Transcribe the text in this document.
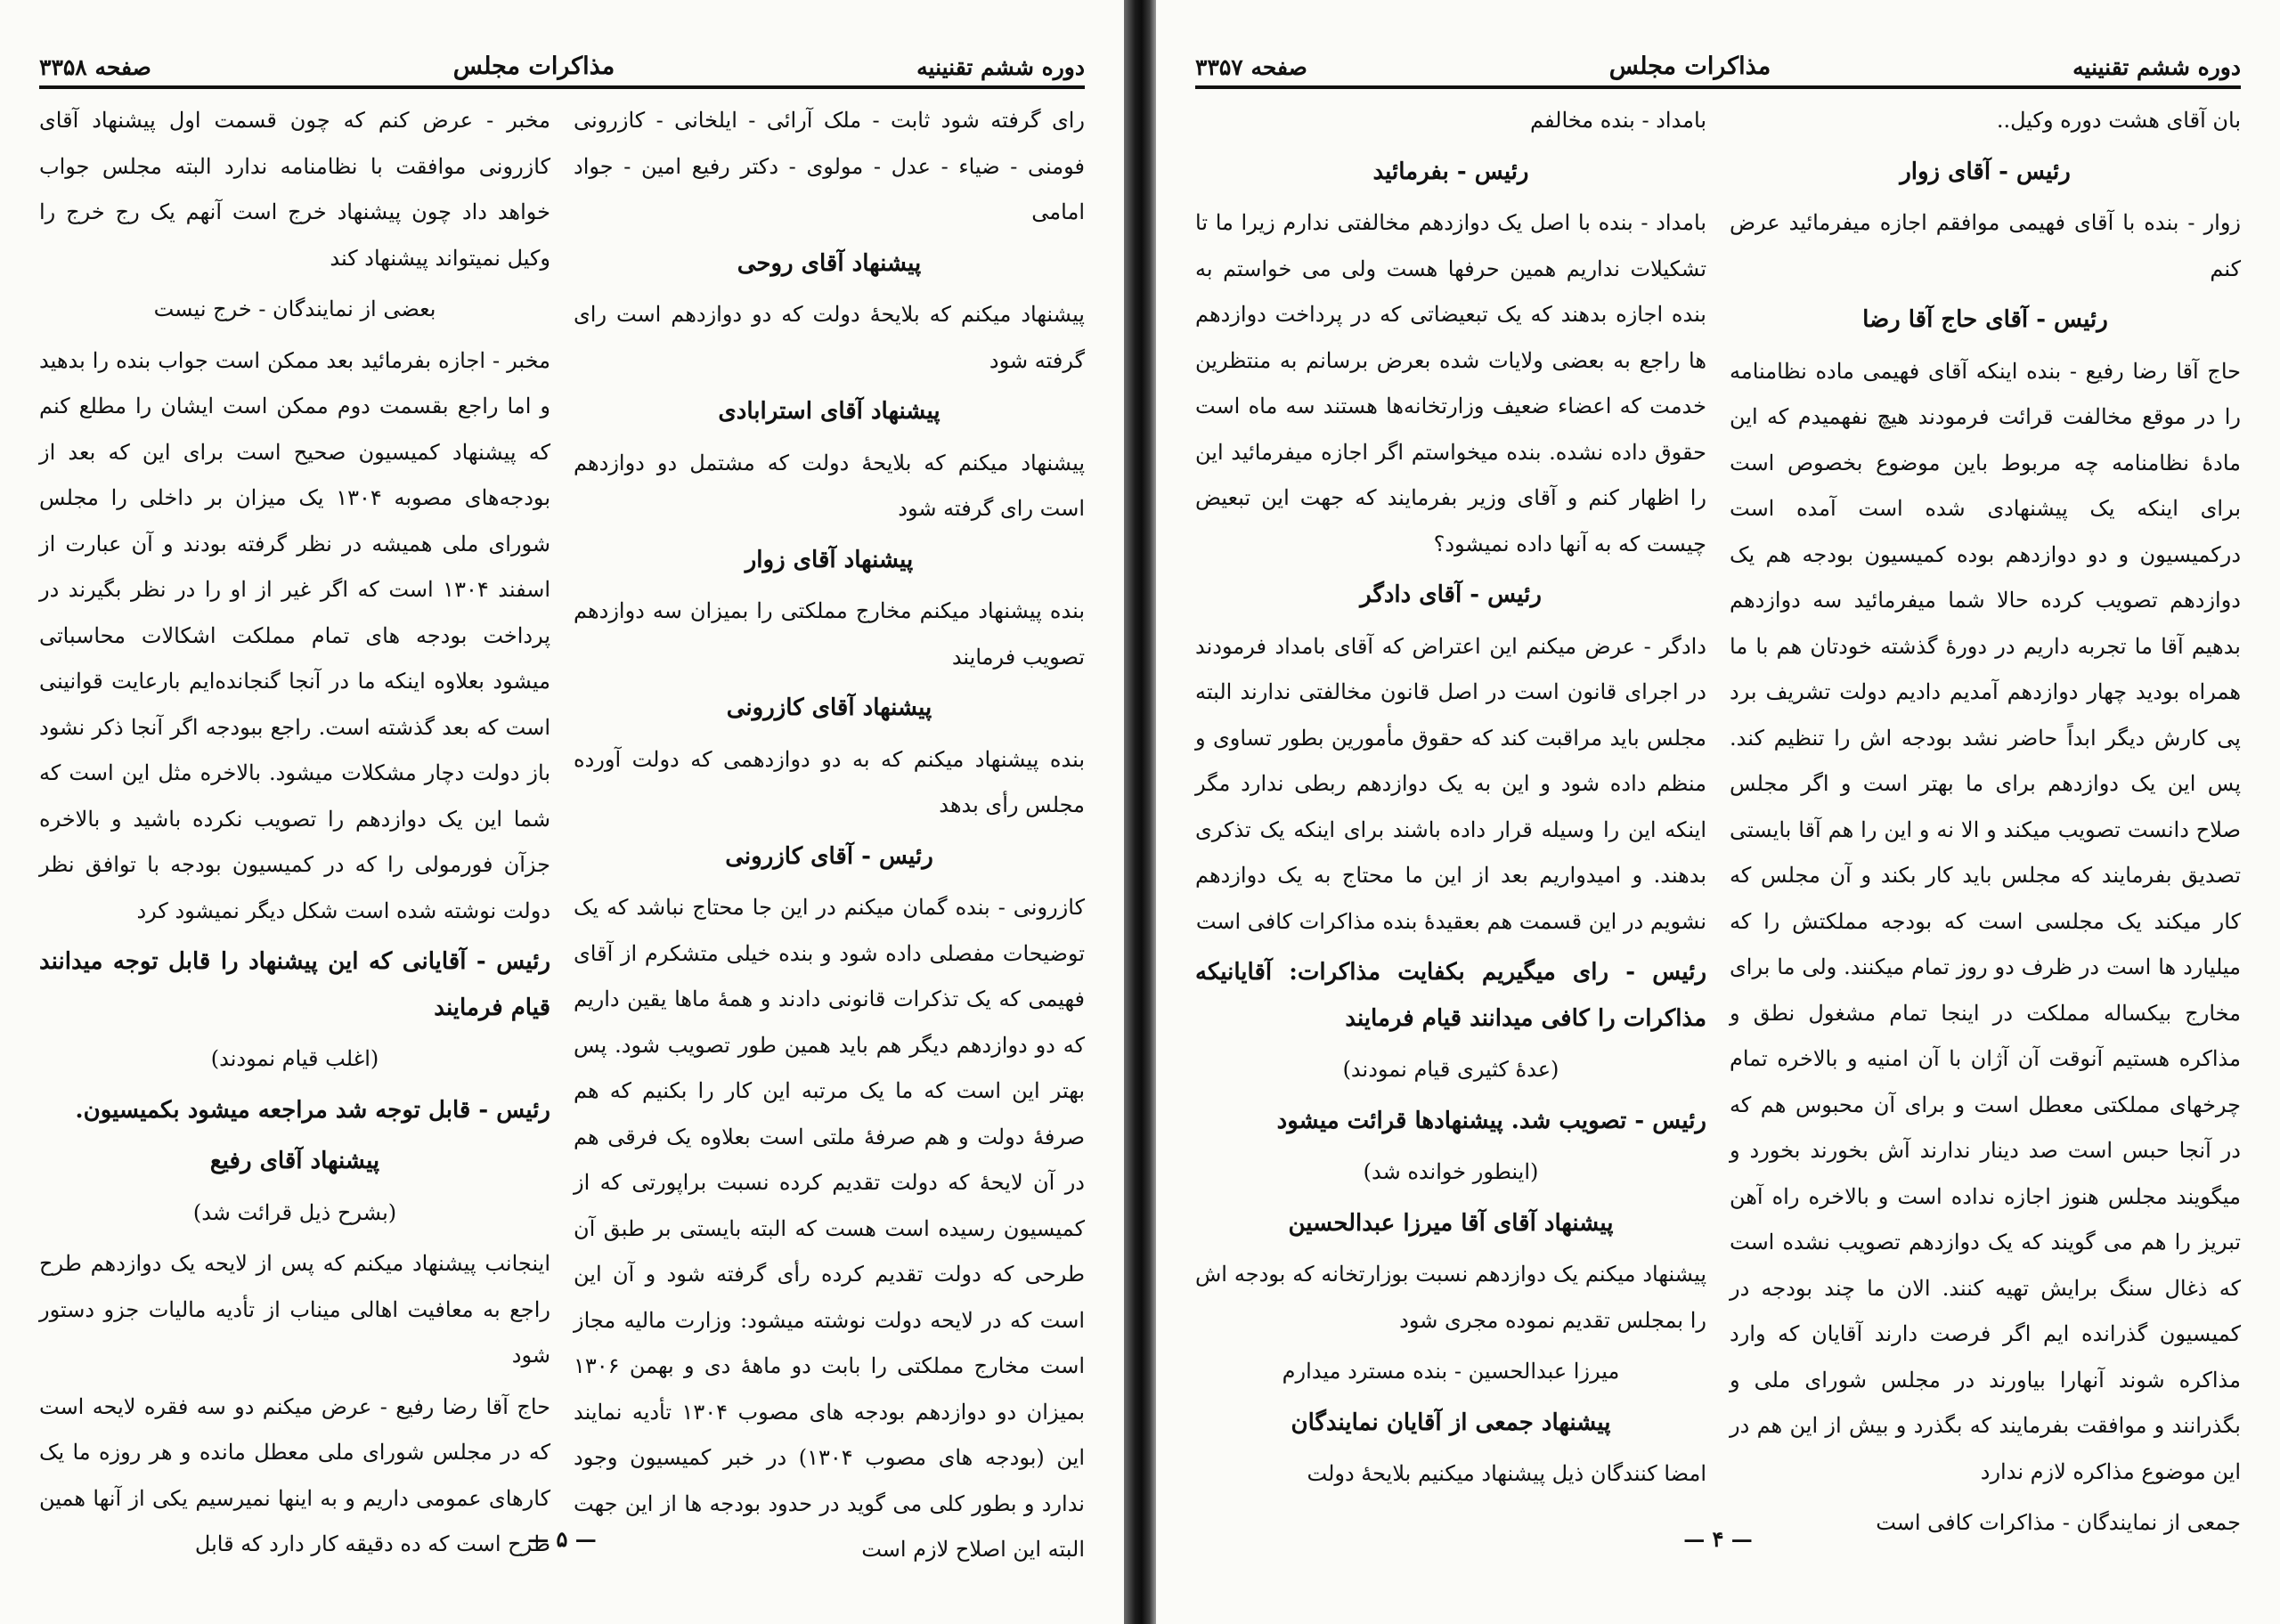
دوره ششم تقنینیه
مذاکرات مجلس
صفحه ۳۳۵۸

رای گرفته شود ثابت - ملک آرائی - ایلخانی - کازرونی فومنی - ضیاء - عدل - مولوی - دکتر رفیع امین - جواد امامی

پیشنهاد آقای روحی

پیشنهاد میکنم که بلایحهٔ دولت که دو دوازدهم است رای گرفته شود

پیشنهاد آقای استرابادی

پیشنهاد میکنم که بلایحهٔ دولت که مشتمل دو دوازدهم است رای گرفته شود

پیشنهاد آقای زوار

بنده پیشنهاد میکنم مخارج مملکتی را بمیزان سه دوازدهم تصویب فرمایند

پیشنهاد آقای کازرونی

بنده پیشنهاد میکنم که به دو دوازدهمی که دولت آورده مجلس رأی بدهد

رئیس - آقای کازرونی

کازرونی - بنده گمان میکنم در این جا محتاج نباشد که یک توضیحات مفصلی داده شود و بنده خیلی متشکرم از آقای فهیمی که یک تذکرات قانونی دادند و همهٔ ماها یقین داریم که دو دوازدهم دیگر هم باید همین طور تصویب شود. پس بهتر این است که ما یک مرتبه این کار را بکنیم که هم صرفهٔ دولت و هم صرفهٔ ملتی است بعلاوه یک فرقی هم در آن لایحهٔ که دولت تقدیم کرده نسبت براپورتی که از کمیسیون رسیده است هست که البته بایستی بر طبق آن طرحی که دولت تقدیم کرده رأی گرفته شود و آن این است که در لایحه دولت نوشته میشود: وزارت مالیه مجاز است مخارج مملکتی را بابت دو ماههٔ دی و بهمن ۱۳۰۶ بمیزان دو دوازدهم بودجه های مصوب ۱۳۰۴ تأدیه نمایند این (بودجه های مصوب ۱۳۰۴) در خبر کمیسیون وجود ندارد و بطور کلی می گوید در حدود بودجه ها از این جهت البته این اصلاح لازم است

مخبر - عرض کنم که چون قسمت اول پیشنهاد آقای کازرونی موافقت با نظامنامه ندارد البته مجلس جواب خواهد داد چون پیشنهاد خرج است آنهم یک رج خرج را وکیل نمیتواند پیشنهاد کند

بعضی از نمایندگان - خرج نیست

مخبر - اجازه بفرمائید بعد ممکن است جواب بنده را بدهید و اما راجع بقسمت دوم ممکن است ایشان را مطلع کنم که پیشنهاد کمیسیون صحیح است برای این که بعد از بودجه‌های مصوبه ۱۳۰۴ یک میزان بر داخلی را مجلس شورای ملی همیشه در نظر گرفته بودند و آن عبارت از اسفند ۱۳۰۴ است که اگر غیر از او را در نظر بگیرند در پرداخت بودجه های تمام مملکت اشکالات محاسباتی میشود بعلاوه اینکه ما در آنجا گنجانده‌ایم بارعایت قوانینی است که بعد گذشته است. راجع ببودجه اگر آنجا ذکر نشود باز دولت دچار مشکلات میشود. بالاخره مثل این است که شما این یک دوازدهم را تصویب نکرده باشید و بالاخره جزآن فورمولی را که در کمیسیون بودجه با توافق نظر دولت نوشته شده است شکل دیگر نمیشود کرد

رئیس - آقایانی که این پیشنهاد را قابل توجه میدانند قیام فرمایند

(اغلب قیام نمودند)

رئیس - قابل توجه شد مراجعه میشود بکمیسیون.

پیشنهاد آقای رفیع

(بشرح ذیل قرائت شد)

اینجانب پیشنهاد میکنم که پس از لایحه یک دوازدهم طرح راجع به معافیت اهالی میناب از تأدیه مالیات جزو دستور شود

حاج آقا رضا رفیع - عرض میکنم دو سه فقره لایحه است که در مجلس شورای ملی معطل مانده و هر روزه ما یک کارهای عمومی داریم و به اینها نمیرسیم یکی از آنها همین طرح است که ده دقیقه کار دارد که قابل

— ۵ —
دوره ششم تقنینیه
مذاکرات مجلس
صفحه ۳۳۵۷

بان آقای هشت دوره وکیل..

رئیس - آقای زوار

زوار - بنده با آقای فهیمی موافقم اجازه میفرمائید عرض کنم

رئیس - آقای حاج آقا رضا

حاج آقا رضا رفیع - بنده اینکه آقای فهیمی ماده نظامنامه را در موقع مخالفت قرائت فرمودند هیچ نفهمیدم که این مادهٔ نظامنامه چه مربوط باین موضوع بخصوص است برای اینکه یک پیشنهادی شده است آمده است درکمیسیون و دو دوازدهم بوده کمیسیون بودجه هم یک دوازدهم تصویب کرده حالا شما میفرمائید سه دوازدهم بدهیم آقا ما تجربه داریم در دورهٔ گذشته خودتان هم با ما همراه بودید چهار دوازدهم آمدیم دادیم دولت تشریف برد پی کارش دیگر ابداً حاضر نشد بودجه اش را تنظیم کند. پس این یک دوازدهم برای ما بهتر است و اگر مجلس صلاح دانست تصویب میکند و الا نه و این را هم آقا بایستی تصدیق بفرمایند که مجلس باید کار بکند و آن مجلس که کار میکند یک مجلسی است که بودجه مملکتش را که میلیارد ها است در ظرف دو روز تمام میکنند. ولی ما برای مخارج بیکساله مملکت در اینجا تمام مشغول نطق و مذاکره هستیم آنوقت آن آژان با آن امنیه و بالاخره تمام چرخهای مملکتی معطل است و برای آن محبوس هم که در آنجا حبس است صد دینار ندارند آش بخورند بخورد و میگویند مجلس هنوز اجازه نداده است و بالاخره راه آهن تبریز را هم می گویند که یک دوازدهم تصویب نشده است که ذغال سنگ برایش تهیه کنند. الان ما چند بودجه در کمیسیون گذرانده ایم اگر فرصت دارند آقایان که وارد مذاکره شوند آنهارا بیاورند در مجلس شورای ملی و بگذرانند و موافقت بفرمایند که بگذرد و بیش از این هم در این موضوع مذاکره لازم ندارد

جمعی از نمایندگان - مذاکرات کافی است

بامداد - بنده مخالفم

رئیس - بفرمائید

بامداد - بنده با اصل یک دوازدهم مخالفتی ندارم زیرا ما تا تشکیلات نداریم همین حرفها هست ولی می خواستم به بنده اجازه بدهند که یک تبعیضاتی که در پرداخت دوازدهم ها راجع به بعضی ولایات شده بعرض برسانم به منتظرین خدمت که اعضاء ضعیف وزارتخانه‌ها هستند سه ماه است حقوق داده نشده. بنده میخواستم اگر اجازه میفرمائید این را اظهار کنم و آقای وزیر بفرمایند که جهت این تبعیض چیست که به آنها داده نمیشود؟

رئیس - آقای دادگر

دادگر - عرض میکنم این اعتراض که آقای بامداد فرمودند در اجرای قانون است در اصل قانون مخالفتی ندارند البته مجلس باید مراقبت کند که حقوق مأمورین بطور تساوی و منظم داده شود و این به یک دوازدهم ربطی ندارد مگر اینکه این را وسیله قرار داده باشند برای اینکه یک تذکری بدهند. و امیدواریم بعد از این ما محتاج به یک دوازدهم نشویم در این قسمت هم بعقیدهٔ بنده مذاکرات کافی است

رئیس - رای میگیریم بکفایت مذاکرات: آقایانیکه مذاکرات را کافی میدانند قیام فرمایند

(عدهٔ کثیری قیام نمودند)

رئیس - تصویب شد. پیشنهادها قرائت میشود

(اینطور خوانده شد)

پیشنهاد آقای آقا میرزا عبدالحسین

پیشنهاد میکنم یک دوازدهم نسبت بوزارتخانه که بودجه اش را بمجلس تقدیم نموده مجری شود

میرزا عبدالحسین - بنده مسترد میدارم

پیشنهاد جمعی از آقایان نمایندگان

امضا کنندگان ذیل پیشنهاد میکنیم بلایحهٔ دولت

— ۴ —
